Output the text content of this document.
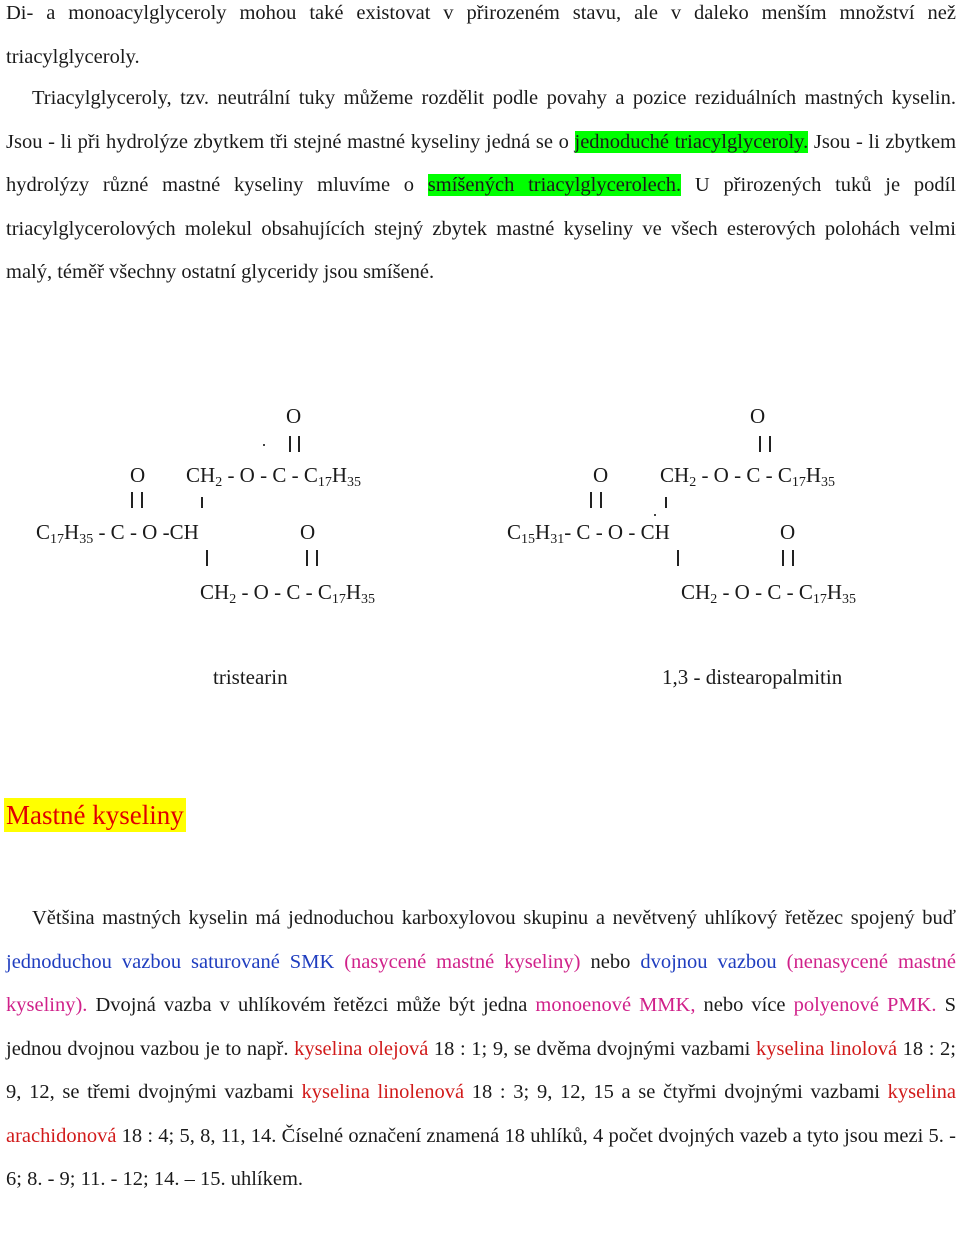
Di- a monoacylglyceroly mohou také existovat v přirozeném stavu, ale v daleko menším množství než triacylglyceroly.

Triacylglyceroly, tzv. neutrální tuky můžeme rozdělit podle povahy a pozice reziduálních mastných kyselin. Jsou - li při hydrolýze zbytkem tři stejné mastné kyseliny jedná se o jednoduché triacylglyceroly. Jsou - li zbytkem hydrolýzy různé mastné kyseliny mluvíme o smíšených triacylglycerolech. U přirozených tuků je podíl triacylglycerolových molekul obsahujících stejný zbytek mastné kyseliny ve všech esterových polohách velmi malý, téměř všechny ostatní glyceridy jsou smíšené.

O
O $CH_2$ - O - C - $C_{17}H_{35}$
$C_{17}H_{35}$ - C - O -CH	O
$CH_2$ - O - C - $C_{17}H_{35}$
tristearin
O
O $CH_2$ - O - C - $C_{17}H_{35}$
$C_{15}H_{31}-$ C - O - CH	O
$CH_2$ - O - C - $C_{17}H_{35}$
1,3 - distearopalmitin
Mastné kyseliny

Většina mastných kyselin má jednoduchou karboxylovou skupinu a nevětvený uhlíkový řetězec spojený buď jednoduchou vazbou saturované SMK (nasycené mastné kyseliny) nebo dvojnou vazbou (nenasycené mastné kyseliny). Dvojná vazba v uhlíkovém řetězci může být jedna monoenové MMK, nebo více polyenové PMK. S jednou dvojnou vazbou je to např. kyselina olejová 18 : 1; 9, se dvěma dvojnými vazbami kyselina linolová 18 : 2; 9, 12, se třemi dvojnými vazbami kyselina linolenová 18 : 3; 9, 12, 15 a se čtyřmi dvojnými vazbami kyselina arachidonová 18 : 4; 5, 8, 11, 14. Číselné označení znamená 18 uhlíků, 4 počet dvojných vazeb a tyto jsou mezi 5. - 6; 8. - 9; 11. - 12; 14. – 15. uhlíkem.
